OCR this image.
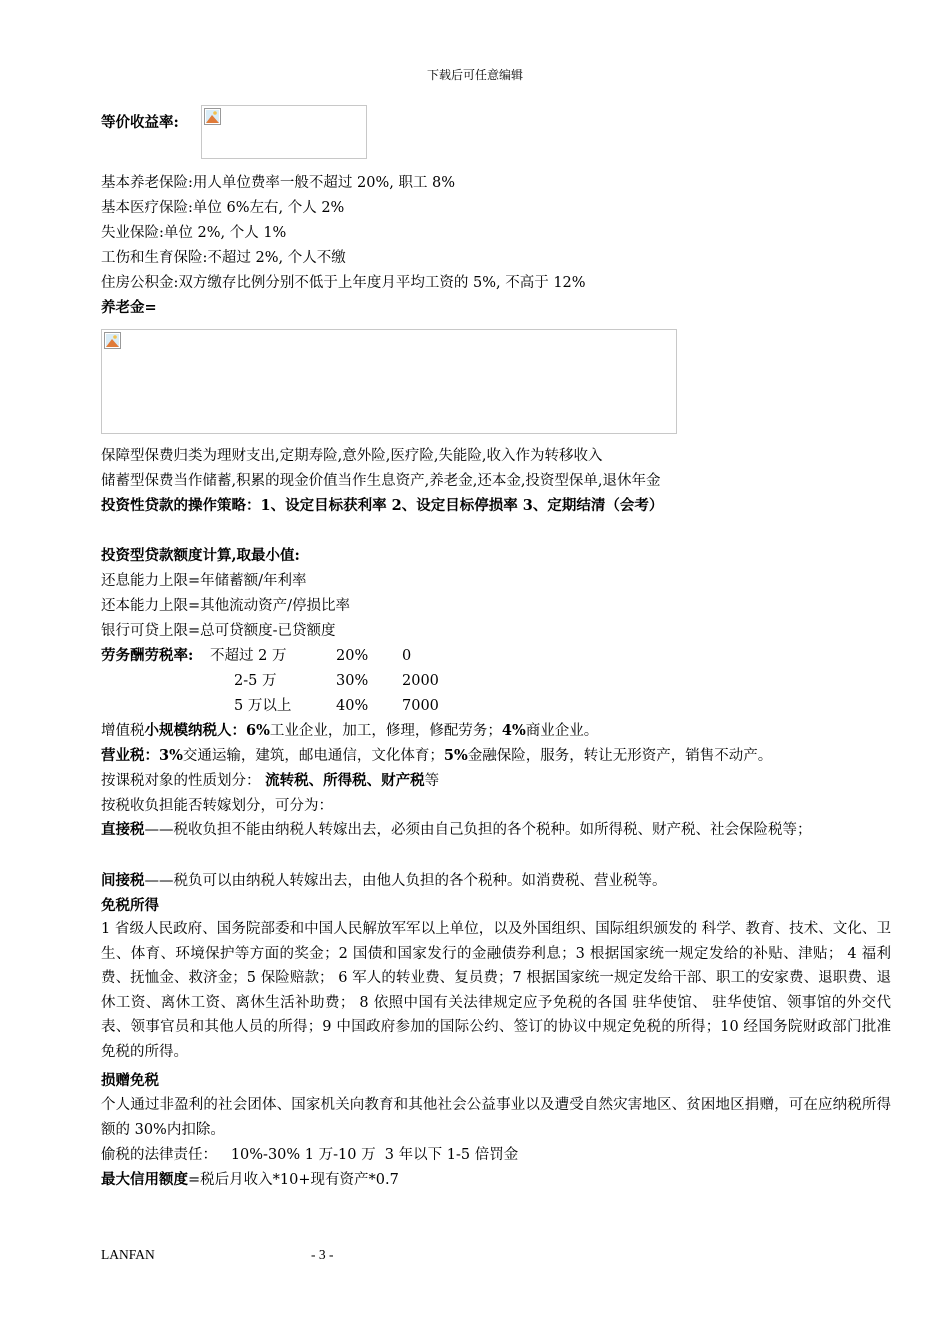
下载后可任意编辑
等价收益率:
基本养老保险:用人单位费率一般不超过 20%, 职工 8%
基本医疗保险:单位 6%左右, 个人 2%
失业保险:单位 2%, 个人 1%
工伤和生育保险:不超过 2%, 个人不缴
住房公积金:双方缴存比例分别不低于上年度月平均工资的 5%, 不高于 12%
养老金=
保障型保费归类为理财支出,定期寿险,意外险,医疗险,失能险,收入作为转移收入
储蓄型保费当作储蓄,积累的现金价值当作生息资产,养老金,还本金,投资型保单,退休年金
投资性贷款的操作策略：1、设定目标获利率 2、设定目标停损率 3、定期结清（会考）
投资型贷款额度计算,取最小值:
还息能力上限=年储蓄额/年利率
还本能力上限=其他流动资产/停损比率
银行可贷上限=总可贷额度-已贷额度
劳务酬劳税率: 不超过 2 万	20% 0
2-5 万	30% 2000
5 万以上	40% 7000
增值税小规模纳税人：6%工业企业，加工，修理，修配劳务；4%商业企业。
营业税：3%交通运输，建筑，邮电通信，文化体育；5%金融保险，服务，转让无形资产，销售不动产。
按课税对象的性质划分： 流转税、所得税、财产税等
按税收负担能否转嫁划分，可分为：
直接税——税收负担不能由纳税人转嫁出去，必须由自己负担的各个税种。如所得税、财产税、社会保险税等；
间接税——税负可以由纳税人转嫁出去，由他人负担的各个税种。如消费税、营业税等。
免税所得
1 省级人民政府、国务院部委和中国人民解放军军以上单位，以及外国组织、国际组织颁发的 科学、教育、技术、文化、卫生、体育、环境保护等方面的奖金；2 国债和国家发行的金融债券利息；3 根据国家统一规定发给的补贴、津贴； 4 福利费、抚恤金、救济金；5 保险赔款； 6 军人的转业费、复员费；7 根据国家统一规定发给干部、职工的安家费、退职费、退休工资、离休工资、离休生活补助费； 8 依照中国有关法律规定应予免税的各国 驻华使馆、 驻华使馆、领事馆的外交代表、领事官员和其他人员的所得；9 中国政府参加的国际公约、签订的协议中规定免税的所得；10 经国务院财政部门批准免税的所得。
损赠免税
个人通过非盈利的社会团体、国家机关向教育和其他社会公益事业以及遭受自然灾害地区、贫困地区捐赠，可在应纳税所得额的 30%内扣除。
偷税的法律责任：   10%-30% 1 万-10 万  3 年以下 1-5 倍罚金
最大信用额度=税后月收入*10+现有资产*0.7
LANFAN	- 3 -
